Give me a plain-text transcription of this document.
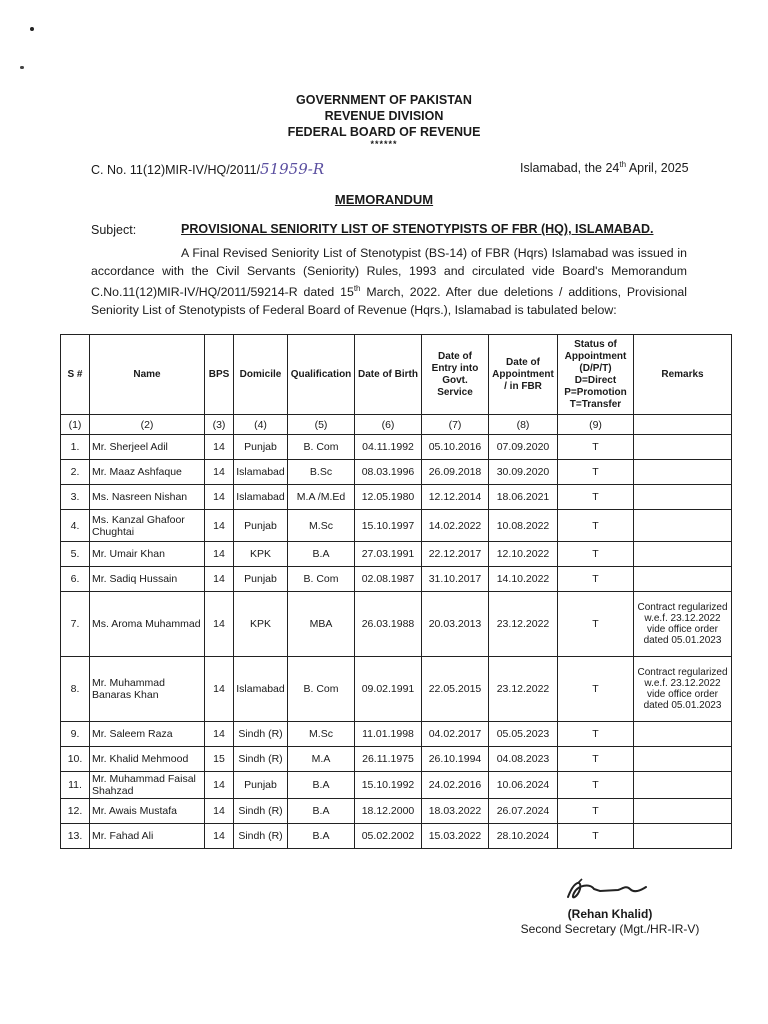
GOVERNMENT OF PAKISTAN
REVENUE DIVISION
FEDERAL BOARD OF REVENUE
******
C. No. 11(12)MIR-IV/HQ/2011/51959-R	Islamabad, the 24th April, 2025
MEMORANDUM
Subject:	PROVISIONAL SENIORITY LIST OF STENOTYPISTS OF FBR (HQ), ISLAMABAD.
A Final Revised Seniority List of Stenotypist (BS-14) of FBR (Hqrs) Islamabad was issued in accordance with the Civil Servants (Seniority) Rules, 1993 and circulated vide Board's Memorandum C.No.11(12)MIR-IV/HQ/2011/59214-R dated 15th March, 2022. After due deletions / additions, Provisional Seniority List of Stenotypists of Federal Board of Revenue (Hqrs.), Islamabad is tabulated below:
S #	Name	BPS	Domicile	Qualification	Date of Birth	Date of Entry into Govt. Service	Date of Appointment / in FBR	Status of Appointment (D/P/T) D=Direct P=Promotion T=Transfer	Remarks
(1)	(2)	(3)	(4)	(5)	(6)	(7)	(8)	(9)	
1.	Mr. Sherjeel Adil	14	Punjab	B. Com	04.11.1992	05.10.2016	07.09.2020	T	
2.	Mr. Maaz Ashfaque	14	Islamabad	B.Sc	08.03.1996	26.09.2018	30.09.2020	T	
3.	Ms. Nasreen Nishan	14	Islamabad	M.A /M.Ed	12.05.1980	12.12.2014	18.06.2021	T	
4.	Ms. Kanzal Ghafoor Chughtai	14	Punjab	M.Sc	15.10.1997	14.02.2022	10.08.2022	T	
5.	Mr. Umair Khan	14	KPK	B.A	27.03.1991	22.12.2017	12.10.2022	T	
6.	Mr. Sadiq Hussain	14	Punjab	B. Com	02.08.1987	31.10.2017	14.10.2022	T	
7.	Ms. Aroma Muhammad	14	KPK	MBA	26.03.1988	20.03.2013	23.12.2022	T	Contract regularized w.e.f. 23.12.2022 vide office order dated 05.01.2023
8.	Mr. Muhammad Banaras Khan	14	Islamabad	B. Com	09.02.1991	22.05.2015	23.12.2022	T	Contract regularized w.e.f. 23.12.2022 vide office order dated 05.01.2023
9.	Mr. Saleem Raza	14	Sindh (R)	M.Sc	11.01.1998	04.02.2017	05.05.2023	T	
10.	Mr. Khalid Mehmood	15	Sindh (R)	M.A	26.11.1975	26.10.1994	04.08.2023	T	
11.	Mr. Muhammad Faisal Shahzad	14	Punjab	B.A	15.10.1992	24.02.2016	10.06.2024	T	
12.	Mr. Awais Mustafa	14	Sindh (R)	B.A	18.12.2000	18.03.2022	26.07.2024	T	
13.	Mr. Fahad Ali	14	Sindh (R)	B.A	05.02.2002	15.03.2022	28.10.2024	T	
(Rehan Khalid)
Second Secretary (Mgt./HR-IR-V)
